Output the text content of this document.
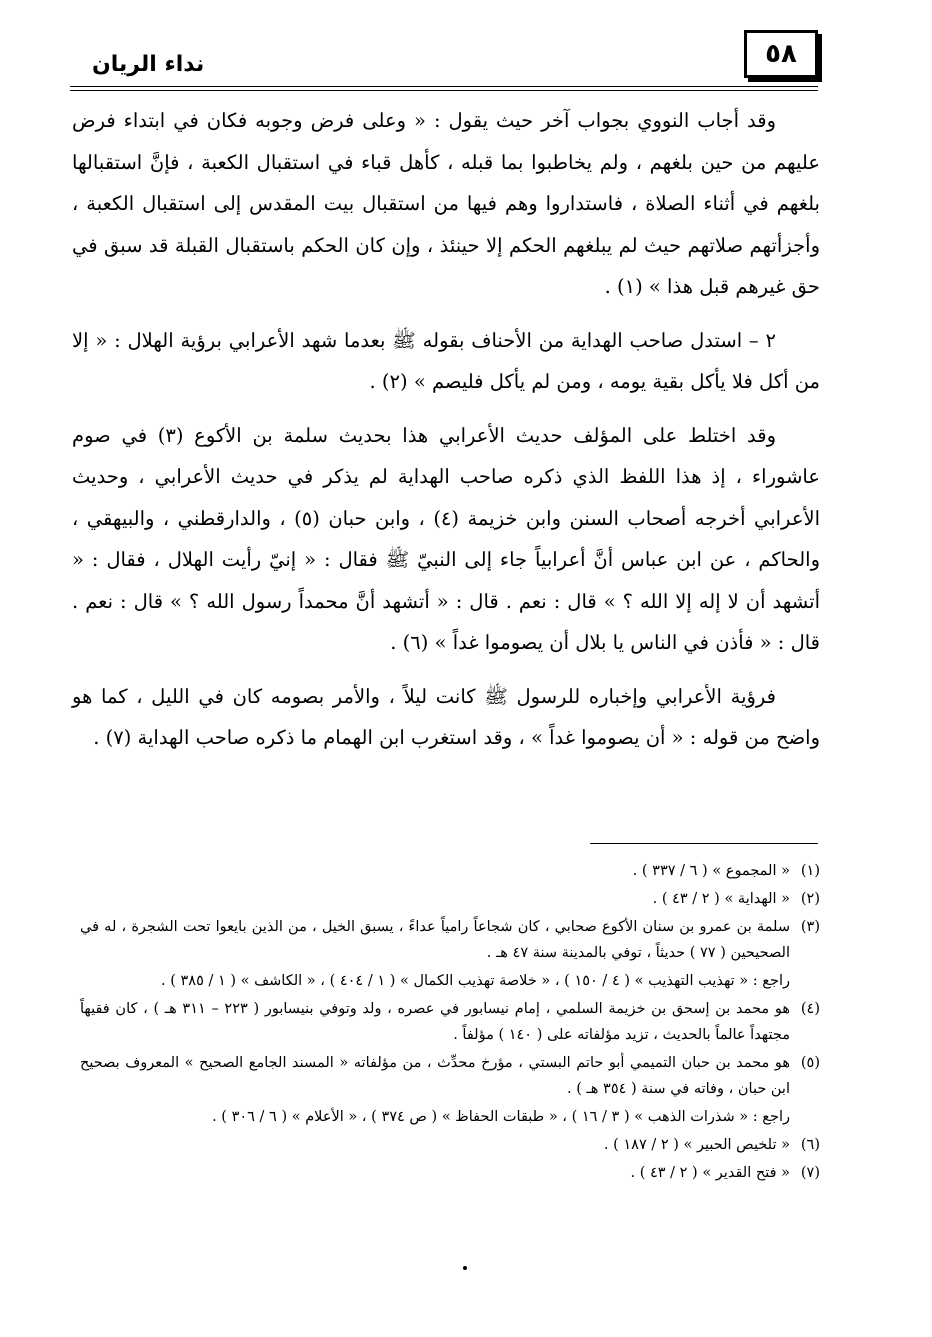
٥٨
نداء الريان

وقد أجاب النووي بجواب آخر حيث يقول : « وعلى فرض وجوبه فكان في ابتداء فرض عليهم من حين بلغهم ، ولم يخاطبوا بما قبله ، كأهل قباء في استقبال الكعبة ، فإنَّ استقبالها بلغهم في أثناء الصلاة ، فاستداروا وهم فيها من استقبال بيت المقدس إلى استقبال الكعبة ، وأجزأتهم صلاتهم حيث لم يبلغهم الحكم إلا حينئذ ، وإن كان الحكم باستقبال القبلة قد سبق في حق غيرهم قبل هذا » (١) .

٢ – استدل صاحب الهداية من الأحناف بقوله ﷺ بعدما شهد الأعرابي برؤية الهلال : « إلا من أكل فلا يأكل بقية يومه ، ومن لم يأكل فليصم » (٢) .

وقد اختلط على المؤلف حديث الأعرابي هذا بحديث سلمة بن الأكوع (٣) في صوم عاشوراء ، إذ هذا اللفظ الذي ذكره صاحب الهداية لم يذكر في حديث الأعرابي ، وحديث الأعرابي أخرجه أصحاب السنن وابن خزيمة (٤) ، وابن حبان (٥) ، والدارقطني ، والبيهقي ، والحاكم ، عن ابن عباس أنَّ أعرابياً جاء إلى النبيّ ﷺ فقال : « إنيّ رأيت الهلال ، فقال : « أتشهد أن لا إله إلا الله ؟ » قال : نعم . قال : « أتشهد أنَّ محمداً رسول الله ؟ » قال : نعم . قال : « فأذن في الناس يا بلال أن يصوموا غداً » (٦) .

فرؤية الأعرابي وإخباره للرسول ﷺ كانت ليلاً ، والأمر بصومه كان في الليل ، كما هو واضح من قوله : « أن يصوموا غداً » ، وقد استغرب ابن الهمام ما ذكره صاحب الهداية (٧) .

(١)
« المجموع » ( ٦ / ٣٣٧ ) .
(٢)
« الهداية » ( ٢ / ٤٣ ) .
(٣)
سلمة بن عمرو بن سنان الأكوع صحابي ، كان شجاعاً رامياً عداءً ، يسبق الخيل ، من الذين بايعوا تحت الشجرة ، له في الصحيحين ( ٧٧ ) حديثاً ، توفي بالمدينة سنة ٤٧ هـ .
راجع : « تهذيب التهذيب » ( ٤ / ١٥٠ ) ، « خلاصة تهذيب الكمال » ( ١ / ٤٠٤ ) ، « الكاشف » ( ١ / ٣٨٥ ) .
(٤)
هو محمد بن إسحق بن خزيمة السلمي ، إمام نيسابور في عصره ، ولد وتوفي بنيسابور ( ٢٢٣ – ٣١١ هـ ) ، كان فقيهاً مجتهداً عالماً بالحديث ، تزيد مؤلفاته على ( ١٤٠ ) مؤلفاً .
(٥)
هو محمد بن حبان التميمي أبو حاتم البستي ، مؤرخ محدِّث ، من مؤلفاته « المسند الجامع الصحيح » المعروف بصحيح ابن حبان ، وفاته في سنة ( ٣٥٤ هـ ) .
راجع : « شذرات الذهب » ( ٣ / ١٦ ) ، « طبقات الحفاظ » ( ص ٣٧٤ ) ، « الأعلام » ( ٦ / ٣٠٦ ) .
(٦)
« تلخيص الحبير » ( ٢ / ١٨٧ ) .
(٧)
« فتح القدير » ( ٢ / ٤٣ ) .
